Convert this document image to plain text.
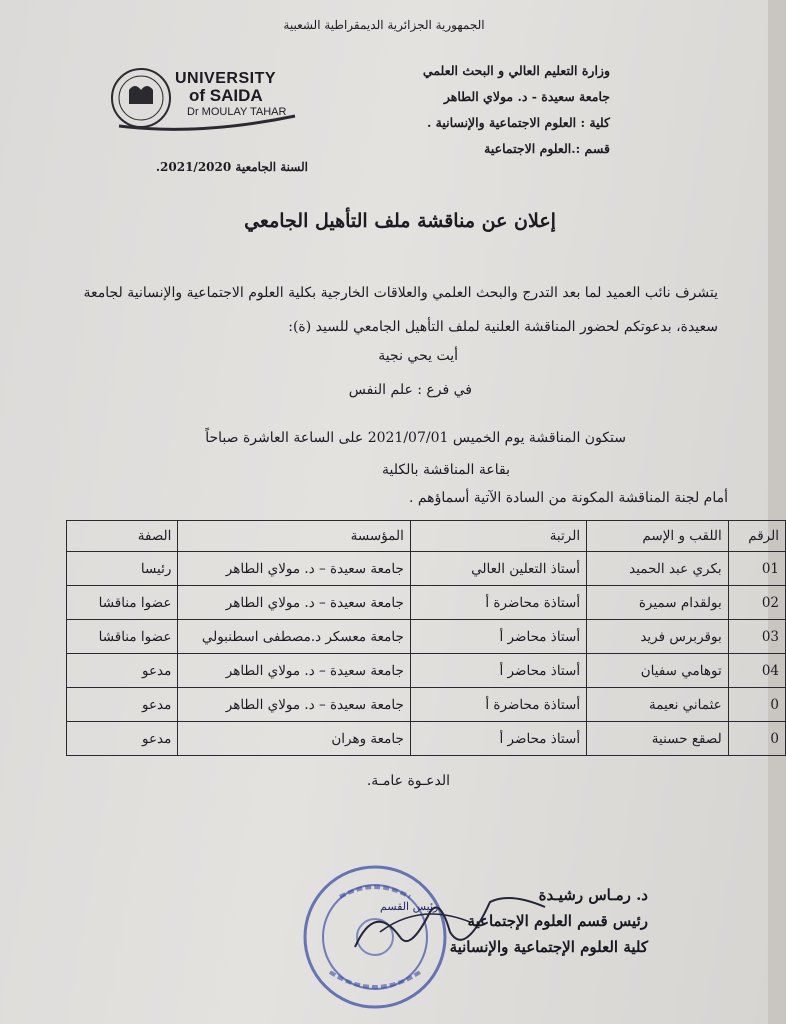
الجمهورية الجزائرية الديمقراطية الشعبية
وزارة التعليم العالي و البحث العلمي
جامعة سعيدة - د. مولاي الطاهر
كلية : العلوم الاجتماعية والإنسانية .
قسم :.العلوم الاجتماعية
UNIVERSITY
of SAIDA
Dr MOULAY TAHAR
السنة الجامعية 2021/2020.
إعلان عن مناقشة ملف التأهيل الجامعي
يتشرف نائب العميد لما بعد التدرج والبحث العلمي والعلاقات الخارجية بكلية العلوم الاجتماعية والإنسانية لجامعة سعيدة، بدعوتكم لحضور المناقشة العلنية لملف التأهيل الجامعي للسيد (ة):
أيت يحي نجية
في فرع : علم النفس
ستكون المناقشة يوم الخميس 2021/07/01 على الساعة العاشرة صباحاً
بقاعة المناقشة بالكلية
أمام لجنة المناقشة المكونة من السادة الآتية أسماؤهم .
الرقم	اللقب و الإسم	الرتبة	المؤسسة	الصفة
01	بكري عبد الحميد	أستاذ التعلين العالي	جامعة سعيدة – د. مولاي الطاهر	رئيسا
02	بولقدام سميرة	أستاذة محاضرة أ	جامعة سعيدة – د. مولاي الطاهر	عضوا مناقشا
03	بوقربرس فريد	أستاذ محاضر أ	جامعة معسكر د.مصطفى اسطنبولي	عضوا مناقشا
04	توهامي سفيان	أستاذ محاضر أ	جامعة سعيدة – د. مولاي الطاهر	مدعو
0	عثماني نعيمة	أستاذة محاضرة أ	جامعة سعيدة – د. مولاي الطاهر	مدعو
0	لصقع حسنية	أستاذ محاضر أ	جامعة وهران	مدعو
الدعـوة عامـة.
رئيس القسم
د. رمـاس رشيـدة
رئيس قسم العلوم الإجتماعية
كلية العلوم الإجتماعية والإنسانية
